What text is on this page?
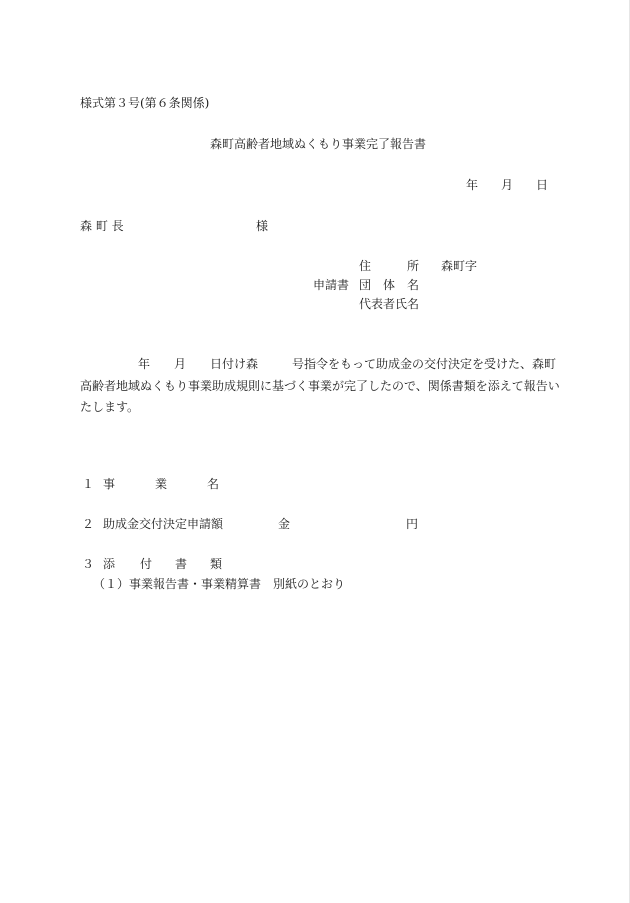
様式第３号(第６条関係)
森町高齢者地域ぬくもり事業完了報告書
年 月 日
森 町 長	様
住　　　所 森町字
申請書 団　体　名
代表者氏名
年 月 日付け森	号指令をもって助成金の交付決定を受けた、森町
高齢者地域ぬくもり事業助成規則に基づく事業が完了したので、関係書類を添えて報告い
たします。
１ 事	業	名
２ 助成金交付決定申請額	金	円
３ 添 付 書 類
（１）事業報告書・事業精算書 別紙のとおり
